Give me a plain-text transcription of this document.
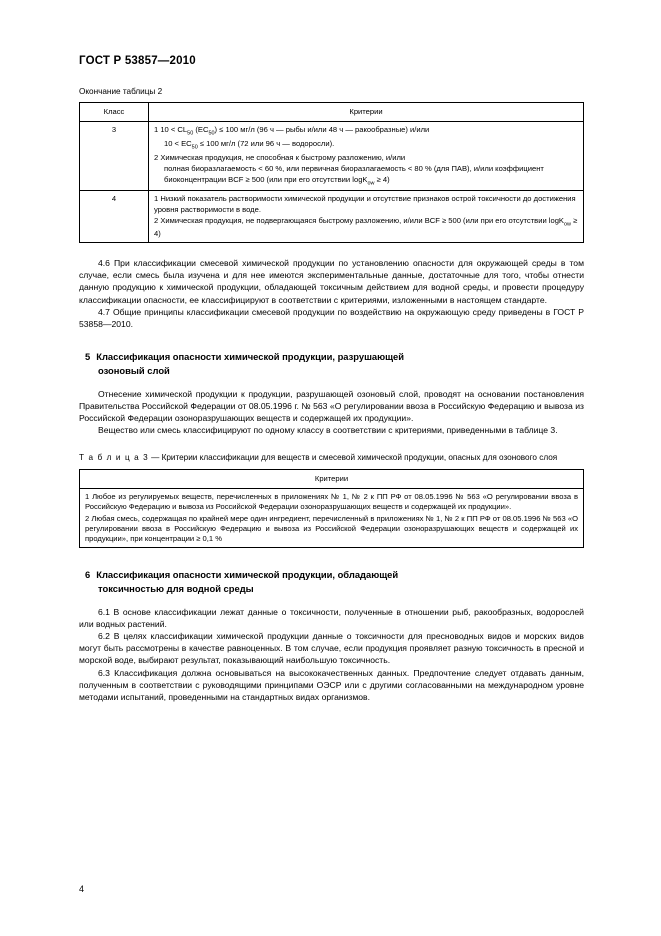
ГОСТ Р 53857—2010
Окончание таблицы 2
Класс	Критерии
3	1 $10 < CL_{50}$ $(ЕС_{50}) \le 100$ мг/л (96 ч — рыбы и/или 48 ч — ракообразные) и/или
$10 < ЕС_{50} \le 100$ мг/л (72 или 96 ч — водоросли).
2 Химическая продукция, не способная к быстрому разложению, и/или
полная биоразлагаемость < 60 %, или первичная биоразлагаемость < 80 % (для ПАВ), и/или коэффициент биоконцентрации BCF ≥ 500 (или при его отсутствии logK$_{ow}$ ≥ 4)

4	1 Низкий показатель растворимости химической продукции и отсутствие признаков острой токсичности до достижения уровня растворимости в воде.
2 Химическая продукция, не подвергающаяся быстрому разложению, и/или BCF ≥ 500 (или при его отсутствии logK$_{ow}$ ≥ 4)

4.6 При классификации смесевой химической продукции по установлению опасности для окружающей среды в том случае, если смесь была изучена и для нее имеются экспериментальные данные, достаточные для того, чтобы отнести данную продукцию к химической продукции, обладающей токсичным действием для водной среды, и провести процедуру классификации опасности, ее классифицируют в соответствии с критериями, изложенными в настоящем стандарте.

4.7 Общие принципы классификации смесевой продукции по воздействию на окружающую среду приведены в ГОСТ Р 53858—2010.

5 Классификация опасности химической продукции, разрушающей
озоновый слой

Отнесение химической продукции к продукции, разрушающей озоновый слой, проводят на основании постановления Правительства Российской Федерации от 08.05.1996 г. № 563 «О регулировании ввоза в Российскую Федерацию и вывоза из Российской Федерации озоноразрушающих веществ и содержащей их продукции».

Вещество или смесь классифицируют по одному классу в соответствии с критериями, приведенными в таблице 3.

Т а б л и ц а 3 — Критерии классификации для веществ и смесевой химической продукции, опасных для озонового слоя
Критерии

1 Любое из регулируемых веществ, перечисленных в приложениях № 1, № 2 к ПП РФ от 08.05.1996 № 563 «О регулировании ввоза в Российскую Федерацию и вывоза из Российской Федерации озоноразрушающих веществ и содержащей их продукции».
2 Любая смесь, содержащая по крайней мере один ингредиент, перечисленный в приложениях № 1, № 2 к ПП РФ от 08.05.1996 № 563 «О регулировании ввоза в Российскую Федерацию и вывоза из Российской Федерации озоноразрушающих веществ и содержащей их продукции», при концентрации ≥ 0,1 %
6 Классификация опасности химической продукции, обладающей
токсичностью для водной среды

6.1 В основе классификации лежат данные о токсичности, полученные в отношении рыб, ракообразных, водорослей или водных растений.

6.2 В целях классификации химической продукции данные о токсичности для пресноводных видов и морских видов могут быть рассмотрены в качестве равноценных. В том случае, если продукция проявляет разную токсичность в пресной и морской воде, выбирают результат, показывающий наибольшую токсичность.

6.3 Классификация должна основываться на высококачественных данных. Предпочтение следует отдавать данным, полученным в соответствии с руководящими принципами ОЭСР или с другими согласованными на международном уровне методами испытаний, проведенными на стандартных видах организмов.

4
